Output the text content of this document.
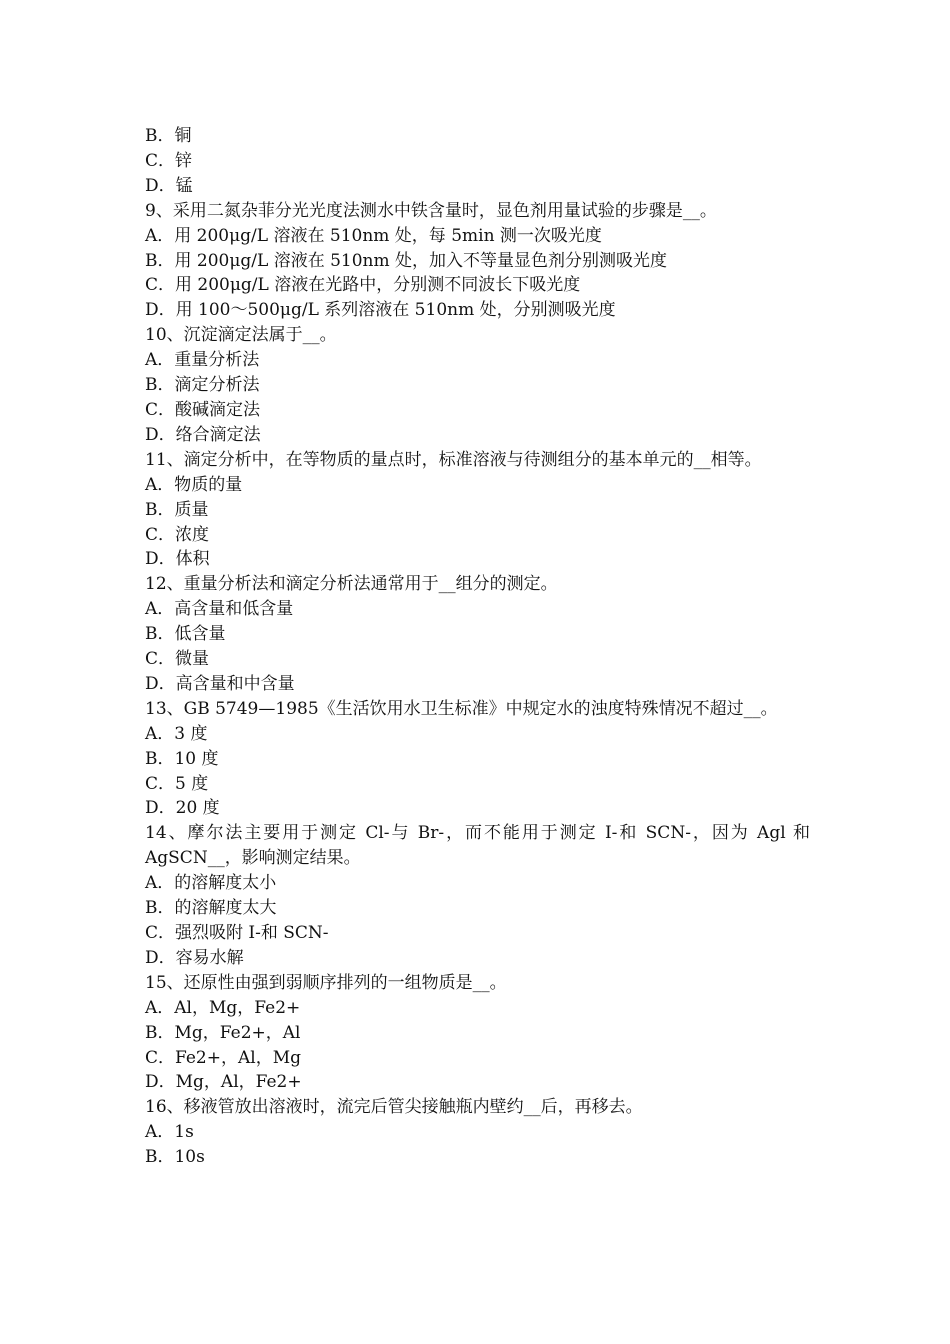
B．铜
C．锌
D．锰
9、采用二氮杂菲分光光度法测水中铁含量时，显色剂用量试验的步骤是__。
A．用 200μg/L 溶液在 510nm 处，每 5min 测一次吸光度
B．用 200μg/L 溶液在 510nm 处，加入不等量显色剂分别测吸光度
C．用 200μg/L 溶液在光路中，分别测不同波长下吸光度
D．用 100～500μg/L 系列溶液在 510nm 处，分别测吸光度
10、沉淀滴定法属于__。
A．重量分析法
B．滴定分析法
C．酸碱滴定法
D．络合滴定法
11、滴定分析中，在等物质的量点时，标准溶液与待测组分的基本单元的__相等。
A．物质的量
B．质量
C．浓度
D．体积
12、重量分析法和滴定分析法通常用于__组分的测定。
A．高含量和低含量
B．低含量
C．微量
D．高含量和中含量
13、GB 5749—1985《生活饮用水卫生标准》中规定水的浊度特殊情况不超过__。
A．3 度
B．10 度
C．5 度
D．20 度
14、摩尔法主要用于测定 Cl-与 Br-，而不能用于测定 I-和 SCN-，因为 Agl 和 AgSCN__，影响测定结果。
A．的溶解度太小
B．的溶解度太大
C．强烈吸附 I-和 SCN-
D．容易水解
15、还原性由强到弱顺序排列的一组物质是__。
A．Al，Mg，Fe2+
B．Mg，Fe2+，Al
C．Fe2+，Al，Mg
D．Mg，Al，Fe2+
16、移液管放出溶液时，流完后管尖接触瓶内壁约__后，再移去。
A．1s
B．10s
